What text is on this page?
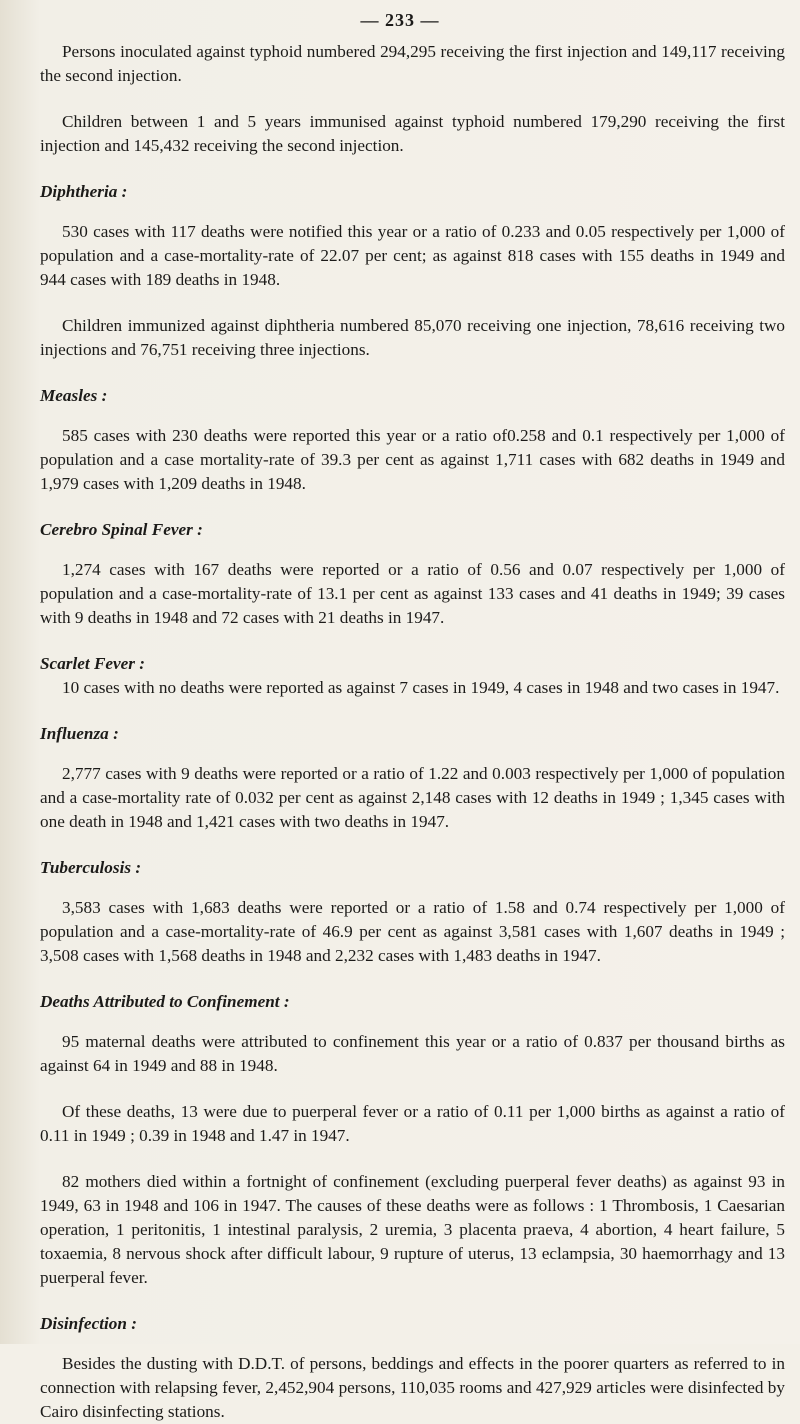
— 233 —

Persons inoculated against typhoid numbered 294,295 receiving the first injection and 149,117 receiving the second injection.

Children between 1 and 5 years immunised against typhoid numbered 179,290 receiving the first injection and 145,432 receiving the second injection.

Diphtheria :

530 cases with 117 deaths were notified this year or a ratio of 0.233 and 0.05 respectively per 1,000 of population and a case-mortality-rate of 22.07 per cent; as against 818 cases with 155 deaths in 1949 and 944 cases with 189 deaths in 1948.

Children immunized against diphtheria numbered 85,070 receiving one injection, 78,616 receiving two injections and 76,751 receiving three injections.

Measles :

585 cases with 230 deaths were reported this year or a ratio of0.258 and 0.1 respectively per 1,000 of population and a case mortality-rate of 39.3 per cent as against 1,711 cases with 682 deaths in 1949 and 1,979 cases with 1,209 deaths in 1948.

Cerebro Spinal Fever :

1,274 cases with 167 deaths were reported or a ratio of 0.56 and 0.07 respectively per 1,000 of population and a case-mortality-rate of 13.1 per cent as against 133 cases and 41 deaths in 1949; 39 cases with 9 deaths in 1948 and 72 cases with 21 deaths in 1947.

Scarlet Fever :

10 cases with no deaths were reported as against 7 cases in 1949, 4 cases in 1948 and two cases in 1947.

Influenza :

2,777 cases with 9 deaths were reported or a ratio of 1.22 and 0.003 respectively per 1,000 of population and a case-mortality rate of 0.032 per cent as against 2,148 cases with 12 deaths in 1949 ; 1,345 cases with one death in 1948 and 1,421 cases with two deaths in 1947.

Tuberculosis :

3,583 cases with 1,683 deaths were reported or a ratio of 1.58 and 0.74 respectively per 1,000 of population and a case-mortality-rate of 46.9 per cent as against 3,581 cases with 1,607 deaths in 1949 ; 3,508 cases with 1,568 deaths in 1948 and 2,232 cases with 1,483 deaths in 1947.

Deaths Attributed to Confinement :

95 maternal deaths were attributed to confinement this year or a ratio of 0.837 per thousand births as against 64 in 1949 and 88 in 1948.

Of these deaths, 13 were due to puerperal fever or a ratio of 0.11 per 1,000 births as against a ratio of 0.11 in 1949 ; 0.39 in 1948 and 1.47 in 1947.

82 mothers died within a fortnight of confinement (excluding puerperal fever deaths) as against 93 in 1949, 63 in 1948 and 106 in 1947. The causes of these deaths were as follows : 1 Thrombosis, 1 Caesarian operation, 1 peritonitis, 1 intestinal paralysis, 2 uremia, 3 placenta praeva, 4 abortion, 4 heart failure, 5 toxaemia, 8 nervous shock after difficult labour, 9 rupture of uterus, 13 eclampsia, 30 haemorrhagy and 13 puerperal fever.

Disinfection :

Besides the dusting with D.D.T. of persons, beddings and effects in the poorer quarters as referred to in connection with relapsing fever, 2,452,904 persons, 110,035 rooms and 427,929 articles were disinfected by Cairo disinfecting stations.
